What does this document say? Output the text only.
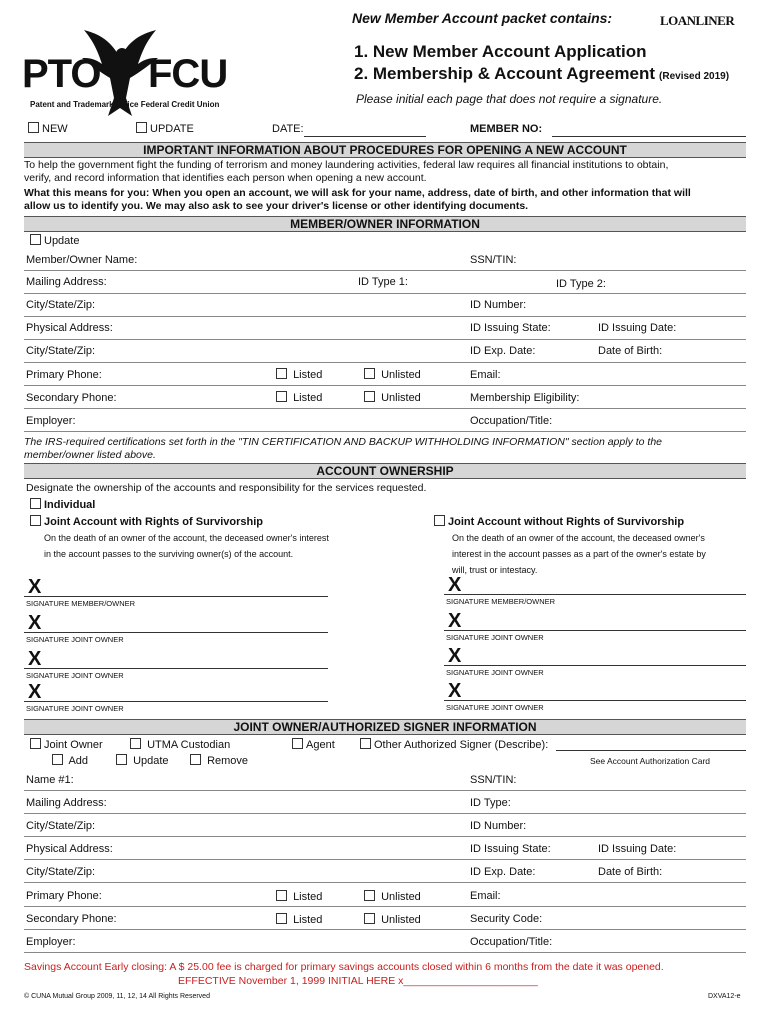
New Member Account packet contains:	LOANLINER
PTO FCU
Patent and Trademark Office Federal Credit Union
1. New Member Account Application
2. Membership & Account Agreement (Revised 2019)
Please initial each page that does not require a signature.
NEW	UPDATE	DATE:	MEMBER NO:
IMPORTANT INFORMATION ABOUT PROCEDURES FOR OPENING A NEW ACCOUNT
To help the government fight the funding of terrorism and money laundering activities, federal law requires all financial institutions to obtain,
verify, and record information that identifies each person when opening a new account.
What this means for you: When you open an account, we will ask for your name, address, date of birth, and other information that will
allow us to identify you. We may also ask to see your driver's license or other identifying documents.
MEMBER/OWNER INFORMATION
Update
Member/Owner Name:	SSN/TIN:
Mailing Address:	ID Type 1:	ID Type 2:
City/State/Zip:	ID Number:
Physical Address:	ID Issuing State:	ID Issuing Date:
City/State/Zip:	ID Exp. Date:	Date of Birth:
Primary Phone:	Listed	Unlisted	Email:
Secondary Phone:	Listed	Unlisted	Membership Eligibility:
Employer:	Occupation/Title:
The IRS-required certifications set forth in the "TIN CERTIFICATION AND BACKUP WITHHOLDING INFORMATION" section apply to the
member/owner listed above.
ACCOUNT OWNERSHIP
Designate the ownership of the accounts and responsibility for the services requested.
Individual
Joint Account with Rights of Survivorship	Joint Account without Rights of Survivorship
On the death of an owner of the account, the deceased owner's interest
in the account passes to the surviving owner(s) of the account.
On the death of an owner of the account, the deceased owner's
interest in the account passes as a part of the owner's estate by
will, trust or intestacy.
X
SIGNATURE MEMBER/OWNER
X
SIGNATURE JOINT OWNER
X
SIGNATURE JOINT OWNER
X
SIGNATURE JOINT OWNER
X
SIGNATURE MEMBER/OWNER
X
SIGNATURE JOINT OWNER
X
SIGNATURE JOINT OWNER
X
SIGNATURE JOINT OWNER
JOINT OWNER/AUTHORIZED SIGNER INFORMATION
Joint Owner	UTMA Custodian	Agent	Other Authorized Signer (Describe):
Add	Update	Remove	See Account Authorization Card
Name #1:	SSN/TIN:
Mailing Address:	ID Type:
City/State/Zip:	ID Number:
Physical Address:	ID Issuing State:	ID Issuing Date:
City/State/Zip:	ID Exp. Date:	Date of Birth:
Primary Phone:	Listed	Unlisted	Email:
Secondary Phone:	Listed	Unlisted	Security Code:
Employer:	Occupation/Title:
Savings Account Early closing: A $ 25.00 fee is charged for primary savings accounts closed within 6 months from the date it was opened.
EFFECTIVE November 1, 1999 INITIAL HERE x_______________________
© CUNA Mutual Group 2009, 11, 12, 14 All Rights Reserved	DXVA12-e
